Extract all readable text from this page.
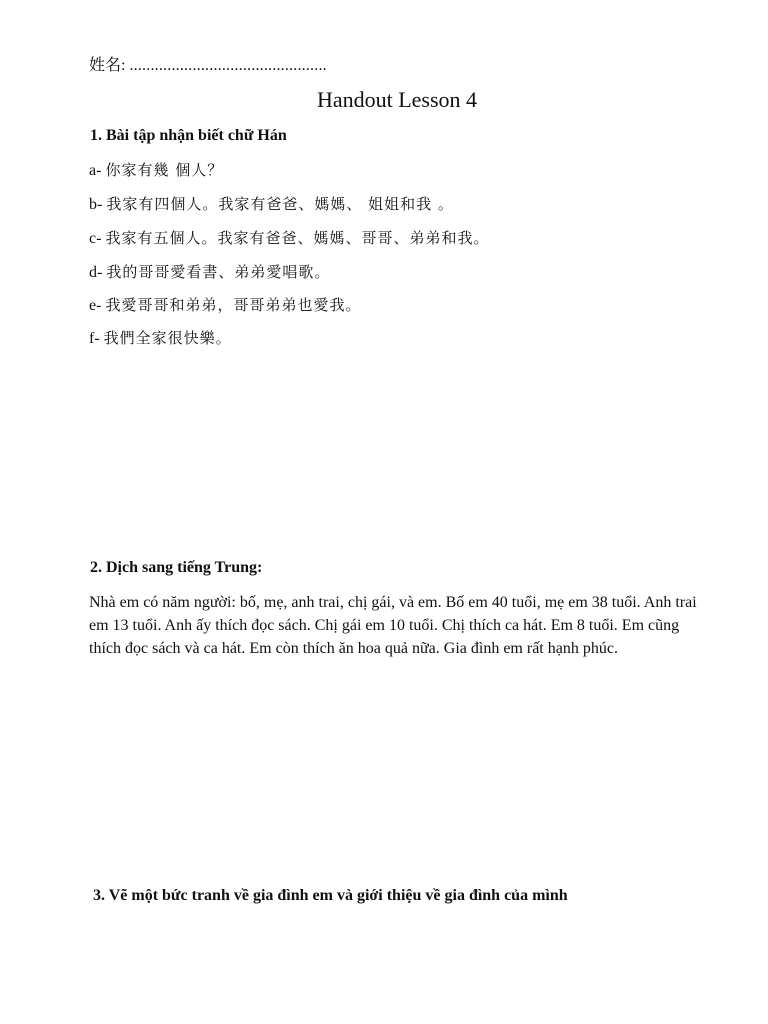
姓名: ...............................................
Handout Lesson 4
1. Bài tập nhận biết chữ Hán
a- 你家有幾 個人？
b- 我家有四個人。我家有爸爸、媽媽、 姐姐和我 。
c- 我家有五個人。我家有爸爸、媽媽、哥哥、弟弟和我。
d- 我的哥哥愛看書、弟弟愛唱歌。
e- 我愛哥哥和弟弟，哥哥弟弟也愛我。
f- 我們全家很快樂。
2. Dịch sang tiếng Trung:
Nhà em có năm người: bố, mẹ, anh trai, chị gái, và em. Bố em 40 tuổi, mẹ em 38 tuổi. Anh trai em 13 tuổi. Anh ấy thích đọc sách. Chị gái em 10 tuổi. Chị thích ca hát. Em 8 tuổi. Em cũng thích đọc sách và ca hát. Em còn thích ăn hoa quả nữa. Gia đình em rất hạnh phúc.
3. Vẽ một bức tranh về gia đình em và giới thiệu về gia đình của mình
